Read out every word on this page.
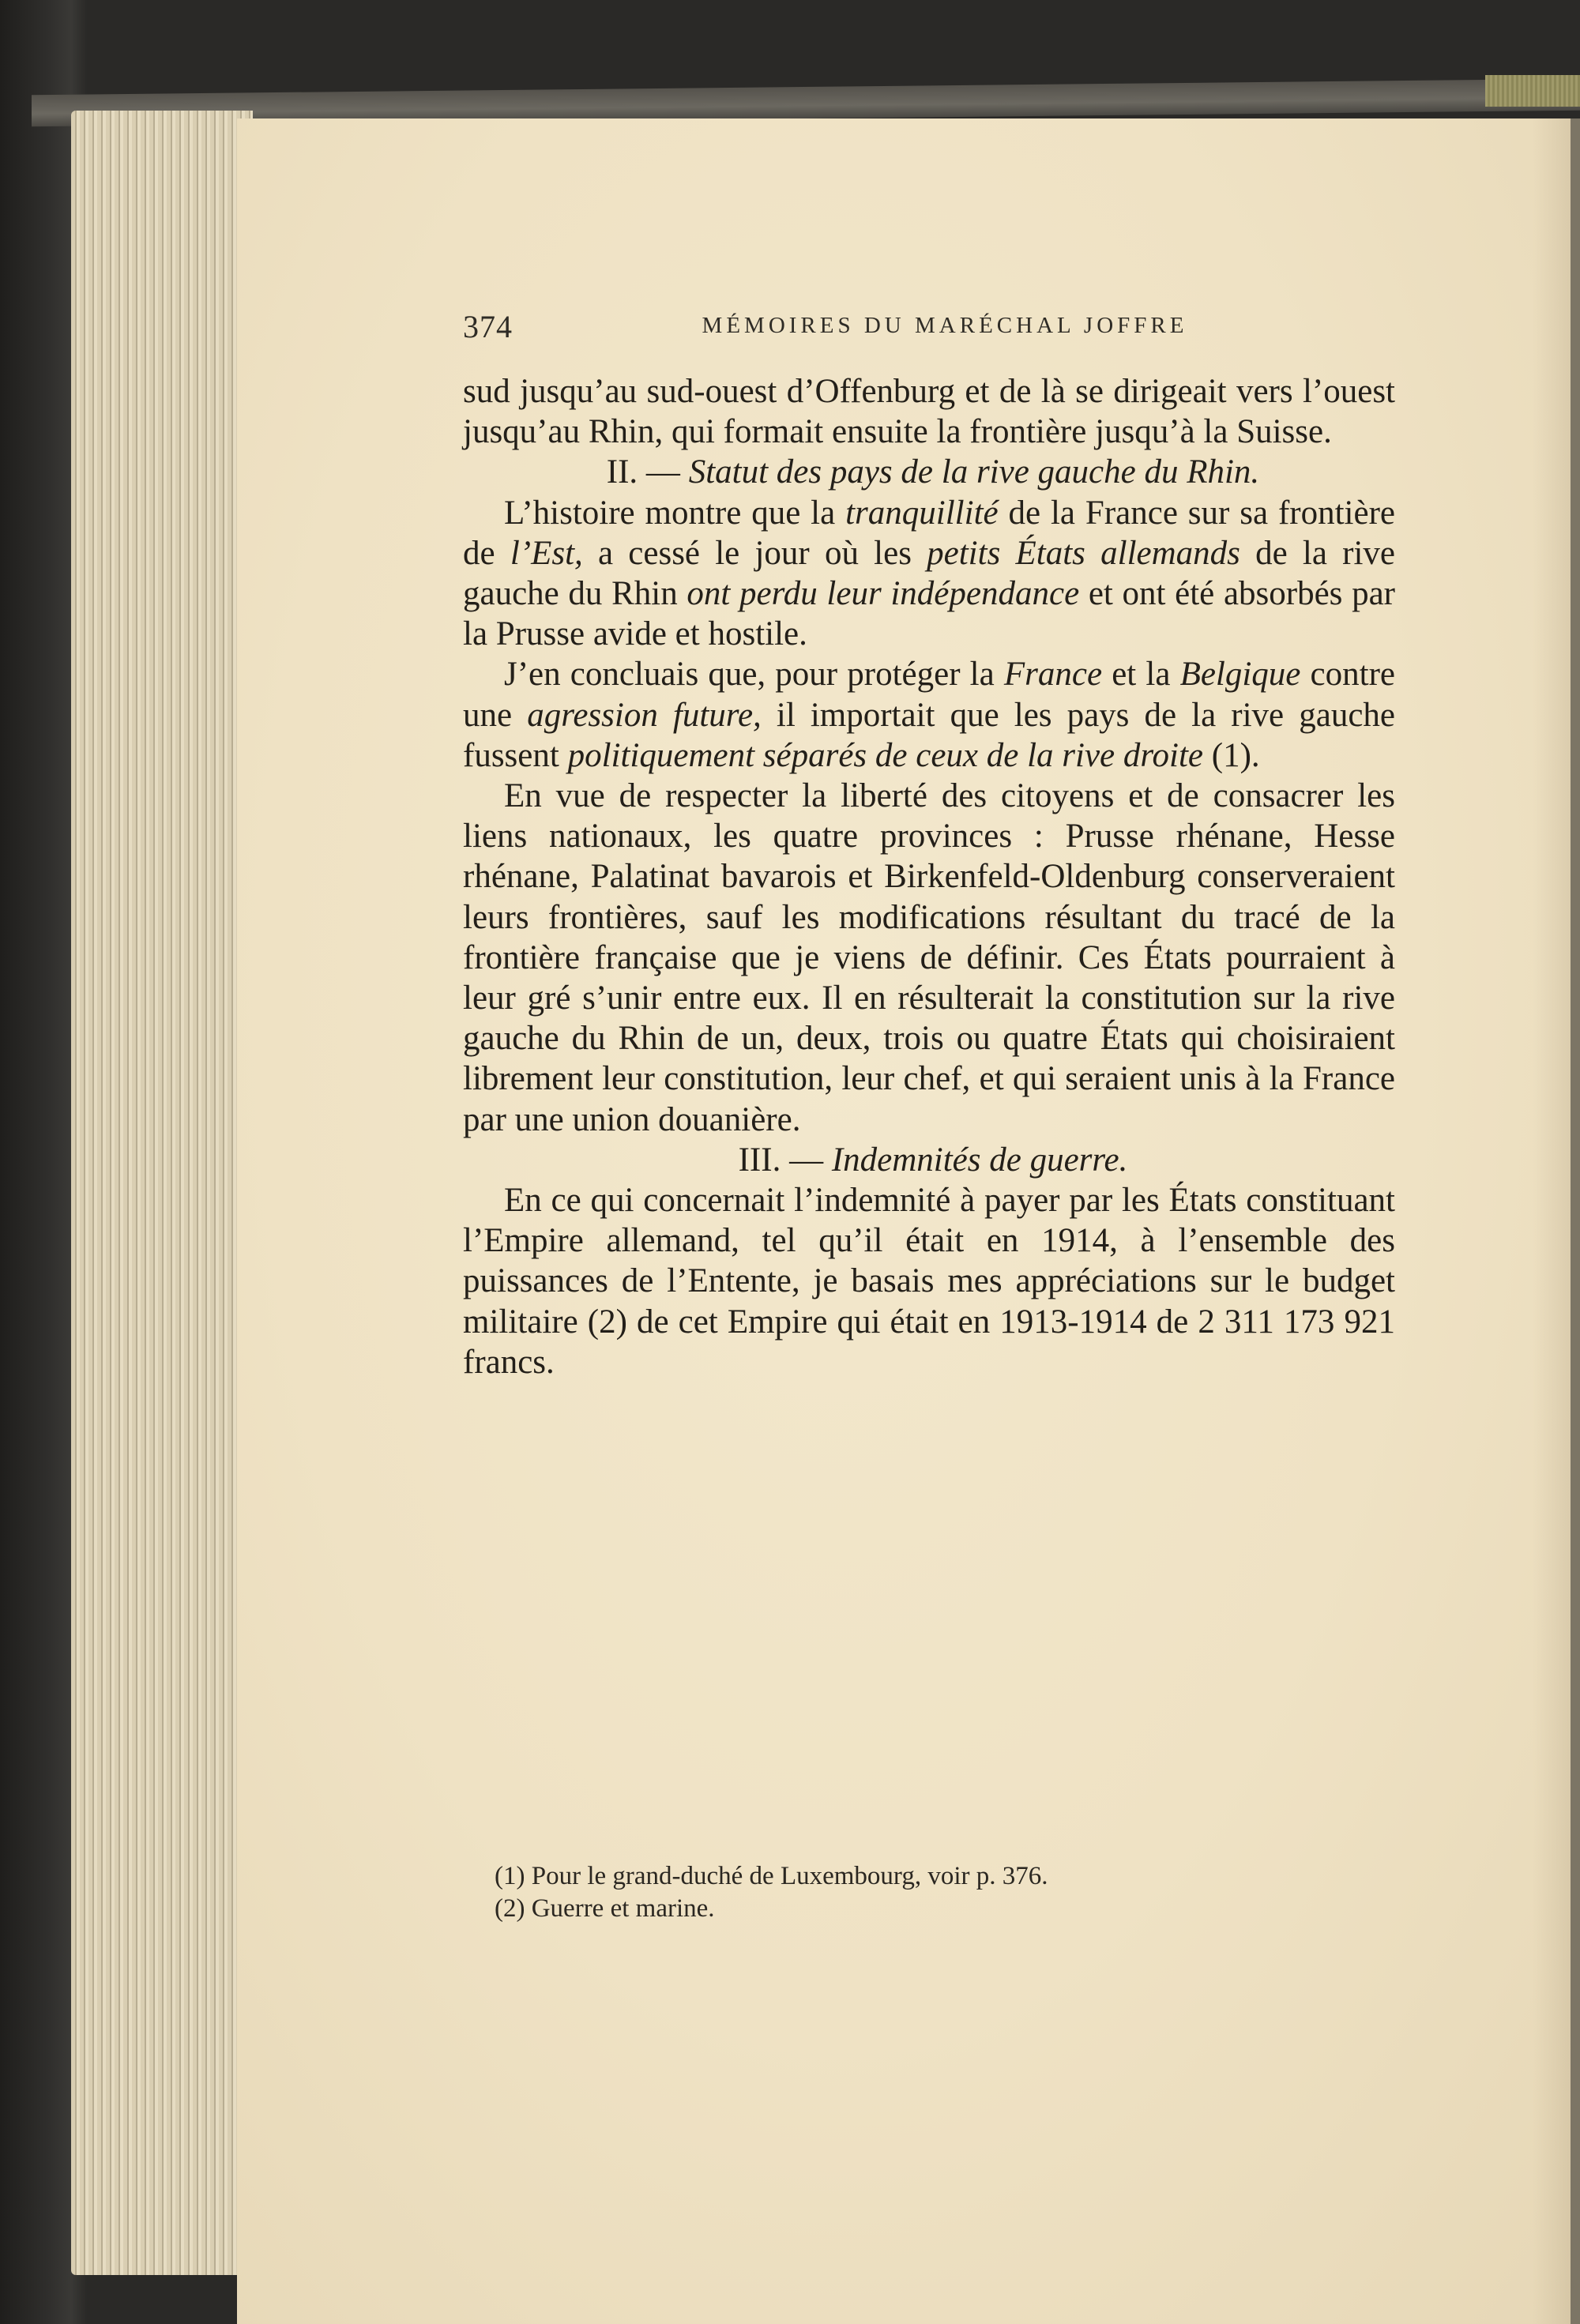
374	MÉMOIRES DU MARÉCHAL JOFFRE

sud jusqu’au sud-ouest d’Offenburg et de là se dirigeait vers l’ouest jusqu’au Rhin, qui formait ensuite la frontière jusqu’à la Suisse.

II. — Statut des pays de la rive gauche du Rhin.

L’histoire montre que la tranquillité de la France sur sa frontière de l’Est, a cessé le jour où les petits États allemands de la rive gauche du Rhin ont perdu leur indépendance et ont été absorbés par la Prusse avide et hostile.

J’en concluais que, pour protéger la France et la Belgique contre une agression future, il importait que les pays de la rive gauche fussent politiquement séparés de ceux de la rive droite (1).

En vue de respecter la liberté des citoyens et de consacrer les liens nationaux, les quatre provinces : Prusse rhénane, Hesse rhénane, Palatinat bavarois et Birkenfeld-Oldenburg conserveraient leurs frontières, sauf les modifications résultant du tracé de la frontière française que je viens de définir. Ces États pourraient à leur gré s’unir entre eux. Il en résulterait la constitution sur la rive gauche du Rhin de un, deux, trois ou quatre États qui choisiraient librement leur constitution, leur chef, et qui seraient unis à la France par une union douanière.

III. — Indemnités de guerre.

En ce qui concernait l’indemnité à payer par les États constituant l’Empire allemand, tel qu’il était en 1914, à l’ensemble des puissances de l’Entente, je basais mes appréciations sur le budget militaire (2) de cet Empire qui était en 1913-1914 de 2 311 173 921 francs.

(1) Pour le grand-duché de Luxembourg, voir p. 376.
(2) Guerre et marine.
